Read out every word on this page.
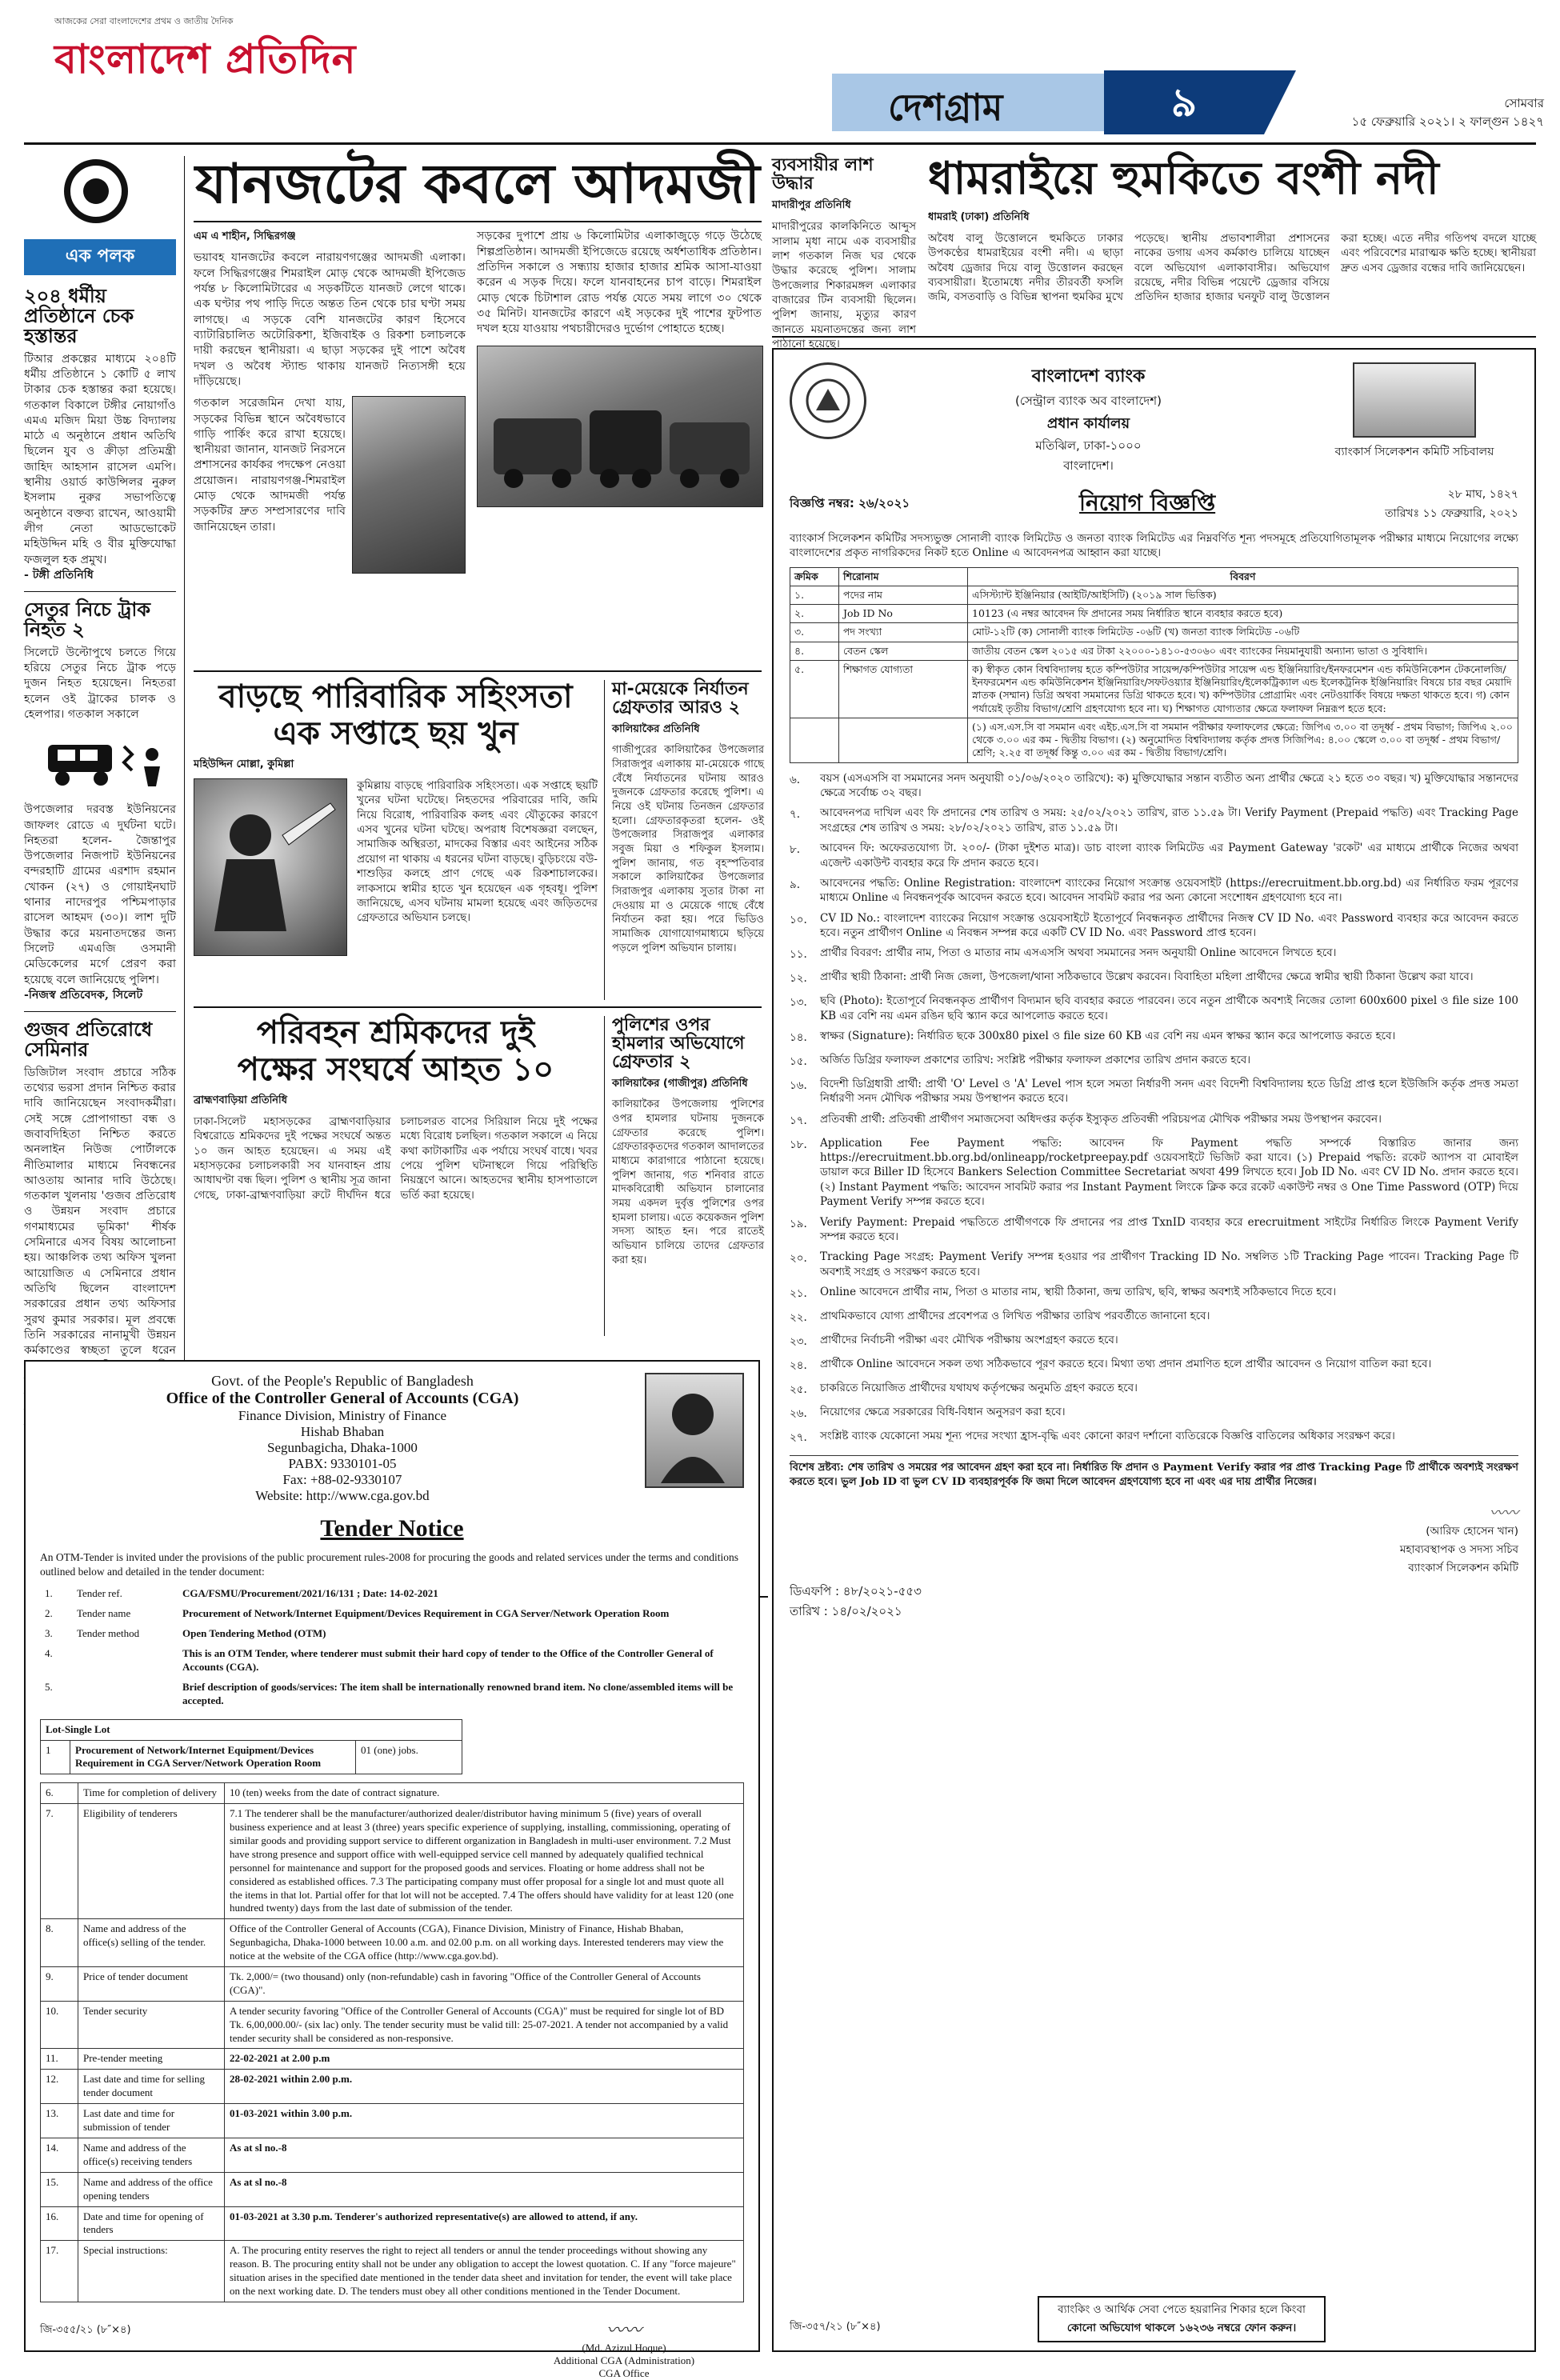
আজকের সেরা বাংলাদেশের প্রথম ও জাতীয় দৈনিক
বাংলাদেশ প্রতিদিন
দেশগ্রাম	৯	সোমবার
১৫ ফেব্রুয়ারি ২০২১। ২ ফাল্গুন ১৪২৭
এক পলক
২০৪ ধর্মীয় প্রতিষ্ঠানে চেক হস্তান্তর

টিআর প্রকল্পের মাধ্যমে ২০৪টি ধর্মীয় প্রতিষ্ঠানে ১ কোটি ৫ লাখ টাকার চেক হস্তান্তর করা হয়েছে। গতকাল বিকালে টঙ্গীর নোয়াগাঁও এমএ মজিদ মিয়া উচ্চ বিদ্যালয় মাঠে এ অনুষ্ঠানে প্রধান অতিথি ছিলেন যুব ও ক্রীড়া প্রতিমন্ত্রী জাহিদ আহসান রাসেল এমপি। স্থানীয় ওয়ার্ড কাউন্সিলর নুরুল ইসলাম নুরুর সভাপতিত্বে অনুষ্ঠানে বক্তব্য রাখেন, আওয়ামী লীগ নেতা আডভোকেট মহিউদ্দিন মহি ও বীর মুক্তিযোদ্ধা ফজলুল হক প্রমুখ।

- টঙ্গী প্রতিনিধি

সেতুর নিচে ট্রাক নিহত ২

সিলেটে উল্টোপুথে চলতে গিয়ে হরিয়ে সেতুর নিচে ট্রাক পড়ে দুজন নিহত হয়েছেন। নিহতরা হলেন ওই ট্রাকের চালক ও হেলপার। গতকাল সকালে

উপজেলার দরবস্ত ইউনিয়নের জাফলং রোডে এ দুর্ঘটনা ঘটে। নিহতরা হলেন- জৈন্তাপুর উপজেলার নিজপাট ইউনিয়নের বন্দরহাটি গ্রামের এরশাদ রহমান খোকন (২৭) ও গোয়াইনঘাট থানার নাদেরপুর পশ্চিমপাড়ার রাসেল আহমদ (৩০)। লাশ দুটি উদ্ধার করে ময়নাতদন্তের জন্য সিলেট এমএজি ওসমানী মেডিকেলের মর্গে প্রেরণ করা হয়েছে বলে জানিয়েছে পুলিশ।

-নিজস্ব প্রতিবেদক, সিলেট

গুজব প্রতিরোধে সেমিনার

ডিজিটাল সংবাদ প্রচারে সঠিক তথ্যের ভরসা প্রদান নিশ্চিত করার দাবি জানিয়েছেন সংবাদকর্মীরা। সেই সঙ্গে প্রোপাগান্ডা বন্ধ ও জবাবদিহিতা নিশ্চিত করতে অনলাইন নিউজ পোর্টালকে নীতিমালার মাধ্যমে নিবন্ধনের আওতায় আনার দাবি উঠেছে। গতকাল খুলনায় 'গুজব প্রতিরোধ ও উন্নয়ন সংবাদ প্রচারে গণমাধ্যমের ভূমিকা' শীর্ষক সেমিনারে এসব বিষয় আলোচনা হয়। আঞ্চলিক তথ্য অফিস খুলনা আয়োজিত এ সেমিনারে প্রধান অতিথি ছিলেন বাংলাদেশ সরকারের প্রধান তথ্য অফিসার সুরথ কুমার সরকার। মূল প্রবন্ধে তিনি সরকারের নানামুখী উন্নয়ন কর্মকাণ্ডের স্বচ্ছতা তুলে ধরেন

যানজটের কবলে আদমজী
এম এ শাহীন, সিদ্ধিরগঞ্জ

ভয়াবহ যানজটের কবলে নারায়ণগঞ্জের আদমজী এলাকা। ফলে সিদ্ধিরগঞ্জের শিমরাইল মোড় থেকে আদমজী ইপিজেড পর্যন্ত ৮ কিলোমিটারের এ সড়কটিতে যানজট লেগে থাকে। এক ঘণ্টার পথ পাড়ি দিতে অন্তত তিন থেকে চার ঘণ্টা সময় লাগছে। এ সড়কে বেশি যানজটের কারণ হিসেবে ব্যাটারিচালিত অটোরিকশা, ইজিবাইক ও রিকশা চলাচলকে দায়ী করছেন স্থানীয়রা। এ ছাড়া সড়কের দুই পাশে অবৈধ দখল ও অবৈধ স্ট্যান্ড থাকায় যানজট নিত্যসঙ্গী হয়ে দাঁড়িয়েছে।

গতকাল সরেজমিন দেখা যায়, সড়কের বিভিন্ন স্থানে অবৈধভাবে গাড়ি পার্কিং করে রাখা হয়েছে। স্থানীয়রা জানান, যানজট নিরসনে প্রশাসনের কার্যকর পদক্ষেপ নেওয়া প্রয়োজন। নারায়ণগঞ্জ-শিমরাইল মোড় থেকে আদমজী পর্যন্ত সড়কটির দ্রুত সম্প্রসারণের দাবি জানিয়েছেন তারা।

সড়কের দুপাশে প্রায় ৬ কিলোমিটার এলাকাজুড়ে গড়ে উঠেছে শিল্পপ্রতিষ্ঠান। আদমজী ইপিজেডে রয়েছে অর্ধশতাধিক প্রতিষ্ঠান। প্রতিদিন সকালে ও সন্ধ্যায় হাজার হাজার শ্রমিক আসা-যাওয়া করেন এ সড়ক দিয়ে। ফলে যানবাহনের চাপ বাড়ে। শিমরাইল মোড় থেকে চিটাশাল রোড পর্যন্ত যেতে সময় লাগে ৩০ থেকে ৩৫ মিনিট। যানজটের কারণে এই সড়কের দুই পাশের ফুটপাত দখল হয়ে যাওয়ায় পথচারীদেরও দুর্ভোগ পোহাতে হচ্ছে।

ব্যবসায়ীর লাশ উদ্ধার
মাদারীপুর প্রতিনিধি

মাদারীপুরের কালকিনিতে আব্দুস সালাম মৃধা নামে এক ব্যবসায়ীর লাশ গতকাল নিজ ঘর থেকে উদ্ধার করেছে পুলিশ। সালাম উপজেলার শিকারমঙ্গল এলাকার বাজারের টিন ব্যবসায়ী ছিলেন। পুলিশ জানায়, মৃত্যুর কারণ জানতে ময়নাতদন্তের জন্য লাশ পাঠানো হয়েছে।

ধামরাইয়ে হুমকিতে বংশী নদী
ধামরাই (ঢাকা) প্রতিনিধি

অবৈধ বালু উত্তোলনে হুমকিতে ঢাকার উপকণ্ঠের ধামরাইয়ের বংশী নদী। এ ছাড়া অবৈধ ড্রেজার দিয়ে বালু উত্তোলন করছেন ব্যবসায়ীরা। ইতোমধ্যে নদীর তীরবর্তী ফসলি জমি, বসতবাড়ি ও বিভিন্ন স্থাপনা হুমকির মুখে পড়েছে। স্থানীয় প্রভাবশালীরা প্রশাসনের নাকের ডগায় এসব কর্মকাণ্ড চালিয়ে যাচ্ছেন বলে অভিযোগ এলাকাবাসীর। অভিযোগ রয়েছে, নদীর বিভিন্ন পয়েন্টে ড্রেজার বসিয়ে প্রতিদিন হাজার হাজার ঘনফুট বালু উত্তোলন করা হচ্ছে। এতে নদীর গতিপথ বদলে যাচ্ছে এবং পরিবেশের মারাত্মক ক্ষতি হচ্ছে। স্থানীয়রা দ্রুত এসব ড্রেজার বন্ধের দাবি জানিয়েছেন।

বাড়ছে পারিবারিক সহিংসতা
এক সপ্তাহে ছয় খুন
মহিউদ্দিন মোল্লা, কুমিল্লা

কুমিল্লায় বাড়ছে পারিবারিক সহিংসতা। এক সপ্তাহে ছয়টি খুনের ঘটনা ঘটেছে। নিহতদের পরিবারের দাবি, জমি নিয়ে বিরোধ, পারিবারিক কলহ এবং যৌতুকের কারণে এসব খুনের ঘটনা ঘটছে। অপরাধ বিশেষজ্ঞরা বলছেন, সামাজিক অস্থিরতা, মাদকের বিস্তার এবং আইনের সঠিক প্রয়োগ না থাকায় এ ধরনের ঘটনা বাড়ছে। বুড়িচংয়ে বউ-শাশুড়ির কলহে প্রাণ গেছে এক রিকশাচালকের। লাকসামে স্বামীর হাতে খুন হয়েছেন এক গৃহবধূ। পুলিশ জানিয়েছে, এসব ঘটনায় মামলা হয়েছে এবং জড়িতদের গ্রেফতারে অভিযান চলছে।

মা-মেয়েকে নির্যাতন গ্রেফতার আরও ২
কালিয়াকৈর প্রতিনিধি

গাজীপুরের কালিয়াকৈর উপজেলার সিরাজপুর এলাকায় মা-মেয়েকে গাছে বেঁধে নির্যাতনের ঘটনায় আরও দুজনকে গ্রেফতার করেছে পুলিশ। এ নিয়ে ওই ঘটনায় তিনজন গ্রেফতার হলো। গ্রেফতারকৃতরা হলেন- ওই উপজেলার সিরাজপুর এলাকার সবুজ মিয়া ও শফিকুল ইসলাম। পুলিশ জানায়, গত বৃহস্পতিবার সকালে কালিয়াকৈর উপজেলার সিরাজপুর এলাকায় সুতার টাকা না দেওয়ায় মা ও মেয়েকে গাছে বেঁধে নির্যাতন করা হয়। পরে ভিডিও সামাজিক যোগাযোগমাধ্যমে ছড়িয়ে পড়লে পুলিশ অভিযান চালায়।

পরিবহন শ্রমিকদের দুই
পক্ষের সংঘর্ষে আহত ১০
ব্রাহ্মণবাড়িয়া প্রতিনিধি

ঢাকা-সিলেট মহাসড়কের ব্রাহ্মণবাড়িয়ার বিশ্বরোডে শ্রমিকদের দুই পক্ষের সংঘর্ষে অন্তত ১০ জন আহত হয়েছেন। এ সময় এই মহাসড়কের চলাচলকারী সব যানবাহন প্রায় আধাঘণ্টা বন্ধ ছিল। পুলিশ ও স্থানীয় সূত্র জানা গেছে, ঢাকা-ব্রাহ্মণবাড়িয়া রুটে দীর্ঘদিন ধরে চলাচলরত বাসের সিরিয়াল নিয়ে দুই পক্ষের মধ্যে বিরোধ চলছিল। গতকাল সকালে এ নিয়ে কথা কাটাকাটির এক পর্যায়ে সংঘর্ষ বাধে। খবর পেয়ে পুলিশ ঘটনাস্থলে গিয়ে পরিস্থিতি নিয়ন্ত্রণে আনে। আহতদের স্থানীয় হাসপাতালে ভর্তি করা হয়েছে।

পুলিশের ওপর হামলার অভিযোগে গ্রেফতার ২
কালিয়াকৈর (গাজীপুর) প্রতিনিধি

কালিয়াকৈর উপজেলায় পুলিশের ওপর হামলার ঘটনায় দুজনকে গ্রেফতার করেছে পুলিশ। গ্রেফতারকৃতদের গতকাল আদালতের মাধ্যমে কারাগারে পাঠানো হয়েছে। পুলিশ জানায়, গত শনিবার রাতে মাদকবিরোধী অভিযান চালানোর সময় একদল দুর্বৃত্ত পুলিশের ওপর হামলা চালায়। এতে কয়েকজন পুলিশ সদস্য আহত হন। পরে রাতেই অভিযান চালিয়ে তাদের গ্রেফতার করা হয়।

Govt. of the People's Republic of Bangladesh
Office of the Controller General of Accounts (CGA)
Finance Division, Ministry of Finance
Hishab Bhaban
Segunbagicha, Dhaka-1000
PABX: 9330101-05
Fax: +88-02-9330107
Website: http://www.cga.gov.bd
Tender Notice

An OTM-Tender is invited under the provisions of the public procurement rules-2008 for procuring the goods and related services under the terms and conditions outlined below and detailed in the tender document:

1.	Tender ref.	CGA/FSMU/Procurement/2021/16/131 ; Date: 14-02-2021
2.	Tender name	Procurement of Network/Internet Equipment/Devices Requirement in CGA Server/Network Operation Room
3.	Tender method	Open Tendering Method (OTM)
4.		This is an OTM Tender, where tenderer must submit their hard copy of tender to the Office of the Controller General of Accounts (CGA).
5.		Brief description of goods/services: The item shall be internationally renowned brand item. No clone/assembled items will be accepted.
Lot-Single Lot
1	Procurement of Network/Internet Equipment/Devices Requirement in CGA Server/Network Operation Room	01 (one) jobs.
6.	Time for completion of delivery	10 (ten) weeks from the date of contract signature.
7.	Eligibility of tenderers	7.1 The tenderer shall be the manufacturer/authorized dealer/distributor having minimum 5 (five) years of overall business experience and at least 3 (three) years specific experience of supplying, installing, commissioning, operating of similar goods and providing support service to different organization in Bangladesh in multi-user environment. 7.2 Must have strong presence and support office with well-equipped service cell manned by adequately qualified technical personnel for maintenance and support for the proposed goods and services. Floating or home address shall not be considered as established offices. 7.3 The participating company must offer proposal for a single lot and must quote all the items in that lot. Partial offer for that lot will not be accepted. 7.4 The offers should have validity for at least 120 (one hundred twenty) days from the last date of submission of the tender.
8.	Name and address of the office(s) selling of the tender.	Office of the Controller General of Accounts (CGA), Finance Division, Ministry of Finance, Hishab Bhaban, Segunbagicha, Dhaka-1000 between 10.00 a.m. and 02.00 p.m. on all working days. Interested tenderers may view the notice at the website of the CGA office (http://www.cga.gov.bd).
9.	Price of tender document	Tk. 2,000/= (two thousand) only (non-refundable) cash in favoring "Office of the Controller General of Accounts (CGA)".
10.	Tender security	A tender security favoring "Office of the Controller General of Accounts (CGA)" must be required for single lot of BD Tk. 6,00,000.00/- (six lac) only. The tender security must be valid till: 25-07-2021. A tender not accompanied by a valid tender security shall be considered as non-responsive.
11.	Pre-tender meeting	22-02-2021 at 2.00 p.m
12.	Last date and time for selling tender document	28-02-2021 within 2.00 p.m.
13.	Last date and time for submission of tender	01-03-2021 within 3.00 p.m.
14.	Name and address of the office(s) receiving tenders	As at sl no.-8
15.	Name and address of the office opening tenders	As at sl no.-8
16.	Date and time for opening of tenders	01-03-2021 at 3.30 p.m. Tenderer's authorized representative(s) are allowed to attend, if any.
17.	Special instructions:	A. The procuring entity reserves the right to reject all tenders or annul the tender proceedings without showing any reason. B. The procuring entity shall not be under any obligation to accept the lowest quotation. C. If any "force majeure" situation arises in the specified date mentioned in the tender data sheet and invitation for tender, the event will take place on the next working date. D. The tenders must obey all other conditions mentioned in the Tender Document.
〰〰
(Md. Azizul Hoque)
Additional CGA (Administration)
CGA Office
জি-৩৫৫/২১ (৮″×৪)
বাংলাদেশ ব্যাংক
(সেন্ট্রাল ব্যাংক অব বাংলাদেশ)
প্রধান কার্যালয়
মতিঝিল, ঢাকা-১০০০
বাংলাদেশ।
ব্যাংকার্স সিলেকশন কমিটি সচিবালয়
বিজ্ঞপ্তি নম্বর: ২৬/২০২১	নিয়োগ বিজ্ঞপ্তি	২৮ মাঘ, ১৪২৭
তারিখঃ ১১ ফেব্রুয়ারি, ২০২১

ব্যাংকার্স সিলেকশন কমিটির সদস্যভুক্ত সোনালী ব্যাংক লিমিটেড ও জনতা ব্যাংক লিমিটেড এর নিম্নবর্ণিত শূন্য পদসমূহে প্রতিযোগিতামূলক পরীক্ষার মাধ্যমে নিয়োগের লক্ষ্যে বাংলাদেশের প্রকৃত নাগরিকদের নিকট হতে Online এ আবেদনপত্র আহ্বান করা যাচ্ছে।

ক্রমিক	শিরোনাম	বিবরণ
১.	পদের নাম	এসিস্ট্যান্ট ইঞ্জিনিয়ার (আইটি/আইসিটি) (২০১৯ সাল ভিত্তিক)
২.	Job ID No	10123 (এ নম্বর আবেদন ফি প্রদানের সময় নির্ধারিত স্থানে ব্যবহার করতে হবে)
৩.	পদ সংখ্যা	মোট-১২টি (ক) সোনালী ব্যাংক লিমিটেড -০৬টি (খ) জনতা ব্যাংক লিমিটেড -০৬টি
৪.	বেতন স্কেল	জাতীয় বেতন স্কেল ২০১৫ এর টাকা ২২০০০-১৪১০-৫৩০৬০ এবং ব্যাংকের নিয়মানুযায়ী অন্যান্য ভাতা ও সুবিধাদি।
৫.	শিক্ষাগত যোগ্যতা	ক) স্বীকৃত কোন বিশ্ববিদ্যালয় হতে কম্পিউটার সায়েন্স/কম্পিউটার সায়েন্স এন্ড ইঞ্জিনিয়ারিং/ইনফরমেশন এন্ড কমিউনিকেশন টেকনোলজি/ইনফরমেশন এন্ড কমিউনিকেশন ইঞ্জিনিয়ারিং/সফটওয়্যার ইঞ্জিনিয়ারিং/ইলেকট্রিক্যাল এন্ড ইলেকট্রনিক ইঞ্জিনিয়ারিং বিষয়ে চার বছর মেয়াদি স্নাতক (সম্মান) ডিগ্রি অথবা সমমানের ডিগ্রি থাকতে হবে। খ) কম্পিউটার প্রোগ্রামিং এবং নেটওয়ার্কিং বিষয়ে দক্ষতা থাকতে হবে। গ) কোন পর্যায়েই তৃতীয় বিভাগ/শ্রেণি গ্রহণযোগ্য হবে না। ঘ) শিক্ষাগত যোগ্যতার ক্ষেত্রে ফলাফল নিম্নরূপ হতে হবে:
		(১) এস.এস.সি বা সমমান এবং এইচ.এস.সি বা সমমান পরীক্ষার ফলাফলের ক্ষেত্রে: জিপিএ ৩.০০ বা তদূর্ধ্ব - প্রথম বিভাগ; জিপিএ ২.০০ থেকে ৩.০০ এর কম - দ্বিতীয় বিভাগ। (২) অনুমোদিত বিশ্ববিদ্যালয় কর্তৃক প্রদত্ত সিজিপিএ: ৪.০০ স্কেলে ৩.০০ বা তদূর্ধ্ব - প্রথম বিভাগ/শ্রেণি; ২.২৫ বা তদূর্ধ্ব কিন্তু ৩.০০ এর কম - দ্বিতীয় বিভাগ/শ্রেণি।
৬.	বয়স (এসএসসি বা সমমানের সনদ অনুযায়ী ০১/০৬/২০২০ তারিখে): ক) মুক্তিযোদ্ধার সন্তান ব্যতীত অন্য প্রার্থীর ক্ষেত্রে ২১ হতে ৩০ বছর। খ) মুক্তিযোদ্ধার সন্তানদের ক্ষেত্রে সর্বোচ্চ ৩২ বছর।

৭.	আবেদনপত্র দাখিল এবং ফি প্রদানের শেষ তারিখ ও সময়: ২৫/০২/২০২১ তারিখ, রাত ১১.৫৯ টা। Verify Payment (Prepaid পদ্ধতি) এবং Tracking Page সংগ্রহের শেষ তারিখ ও সময়: ২৮/০২/২০২১ তারিখ, রাত ১১.৫৯ টা।

৮.	আবেদন ফি: অফেরতযোগ্য টা. ২০০/- (টাকা দুইশত মাত্র)। ডাচ বাংলা ব্যাংক লিমিটেড এর Payment Gateway 'রকেট' এর মাধ্যমে প্রার্থীকে নিজের অথবা এজেন্ট একাউন্ট ব্যবহার করে ফি প্রদান করতে হবে।

৯.	আবেদনের পদ্ধতি: Online Registration: বাংলাদেশ ব্যাংকের নিয়োগ সংক্রান্ত ওয়েবসাইট (https://erecruitment.bb.org.bd) এর নির্ধারিত ফরম পূরণের মাধ্যমে Online এ নিবন্ধনপূর্বক আবেদন করতে হবে। আবেদন সাবমিট করার পর অন্য কোনো সংশোধন গ্রহণযোগ্য হবে না।

১০.	CV ID No.: বাংলাদেশ ব্যাংকের নিয়োগ সংক্রান্ত ওয়েবসাইটে ইতোপূর্বে নিবন্ধনকৃত প্রার্থীদের নিজস্ব CV ID No. এবং Password ব্যবহার করে আবেদন করতে হবে। নতুন প্রার্থীগণ Online এ নিবন্ধন সম্পন্ন করে একটি CV ID No. এবং Password প্রাপ্ত হবেন।

১১.	প্রার্থীর বিবরণ: প্রার্থীর নাম, পিতা ও মাতার নাম এসএসসি অথবা সমমানের সনদ অনুযায়ী Online আবেদনে লিখতে হবে।

১২.	প্রার্থীর স্থায়ী ঠিকানা: প্রার্থী নিজ জেলা, উপজেলা/থানা সঠিকভাবে উল্লেখ করবেন। বিবাহিতা মহিলা প্রার্থীদের ক্ষেত্রে স্বামীর স্থায়ী ঠিকানা উল্লেখ করা যাবে।

১৩.	ছবি (Photo): ইতোপূর্বে নিবন্ধনকৃত প্রার্থীগণ বিদ্যমান ছবি ব্যবহার করতে পারবেন। তবে নতুন প্রার্থীকে অবশ্যই নিজের তোলা 600x600 pixel ও file size 100 KB এর বেশি নয় এমন রঙিন ছবি স্ক্যান করে আপলোড করতে হবে।

১৪.	স্বাক্ষর (Signature): নির্ধারিত ছকে 300x80 pixel ও file size 60 KB এর বেশি নয় এমন স্বাক্ষর স্ক্যান করে আপলোড করতে হবে।

১৫.	অর্জিত ডিগ্রির ফলাফল প্রকাশের তারিখ: সংশ্লিষ্ট পরীক্ষার ফলাফল প্রকাশের তারিখ প্রদান করতে হবে।

১৬.	বিদেশী ডিগ্রিধারী প্রার্থী: প্রার্থী 'O' Level ও 'A' Level পাস হলে সমতা নির্ধারণী সনদ এবং বিদেশী বিশ্ববিদ্যালয় হতে ডিগ্রি প্রাপ্ত হলে ইউজিসি কর্তৃক প্রদত্ত সমতা নির্ধারণী সনদ মৌখিক পরীক্ষার সময় উপস্থাপন করতে হবে।

১৭.	প্রতিবন্ধী প্রার্থী: প্রতিবন্ধী প্রার্থীগণ সমাজসেবা অধিদপ্তর কর্তৃক ইস্যুকৃত প্রতিবন্ধী পরিচয়পত্র মৌখিক পরীক্ষার সময় উপস্থাপন করবেন।

১৮.	Application Fee Payment পদ্ধতি: আবেদন ফি Payment পদ্ধতি সম্পর্কে বিস্তারিত জানার জন্য https://erecruitment.bb.org.bd/onlineapp/rocketpreepay.pdf ওয়েবসাইটে ভিজিট করা যাবে। (১) Prepaid পদ্ধতি: রকেট অ্যাপস বা মোবাইল ডায়াল করে Biller ID হিসেবে Bankers Selection Committee Secretariat অথবা 499 লিখতে হবে। Job ID No. এবং CV ID No. প্রদান করতে হবে। (২) Instant Payment পদ্ধতি: আবেদন সাবমিট করার পর Instant Payment লিংকে ক্লিক করে রকেট একাউন্ট নম্বর ও One Time Password (OTP) দিয়ে Payment Verify সম্পন্ন করতে হবে।

১৯.	Verify Payment: Prepaid পদ্ধতিতে প্রার্থীগণকে ফি প্রদানের পর প্রাপ্ত TxnID ব্যবহার করে erecruitment সাইটের নির্ধারিত লিংকে Payment Verify সম্পন্ন করতে হবে।

২০.	Tracking Page সংগ্রহ: Payment Verify সম্পন্ন হওয়ার পর প্রার্থীগণ Tracking ID No. সম্বলিত ১টি Tracking Page পাবেন। Tracking Page টি অবশ্যই সংগ্রহ ও সংরক্ষণ করতে হবে।

২১.	Online আবেদনে প্রার্থীর নাম, পিতা ও মাতার নাম, স্থায়ী ঠিকানা, জন্ম তারিখ, ছবি, স্বাক্ষর অবশ্যই সঠিকভাবে দিতে হবে।

২২.	প্রাথমিকভাবে যোগ্য প্রার্থীদের প্রবেশপত্র ও লিখিত পরীক্ষার তারিখ পরবর্তীতে জানানো হবে।

২৩.	প্রার্থীদের নির্বাচনী পরীক্ষা এবং মৌখিক পরীক্ষায় অংশগ্রহণ করতে হবে।

২৪.	প্রার্থীকে Online আবেদনে সকল তথ্য সঠিকভাবে পূরণ করতে হবে। মিথ্যা তথ্য প্রদান প্রমাণিত হলে প্রার্থীর আবেদন ও নিয়োগ বাতিল করা হবে।

২৫.	চাকরিতে নিয়োজিত প্রার্থীদের যথাযথ কর্তৃপক্ষের অনুমতি গ্রহণ করতে হবে।

২৬.	নিয়োগের ক্ষেত্রে সরকারের বিধি-বিধান অনুসরণ করা হবে।

২৭.	সংশ্লিষ্ট ব্যাংক যেকোনো সময় শূন্য পদের সংখ্যা হ্রাস-বৃদ্ধি এবং কোনো কারণ দর্শানো ব্যতিরেকে বিজ্ঞপ্তি বাতিলের অধিকার সংরক্ষণ করে।

বিশেষ দ্রষ্টব্য: শেষ তারিখ ও সময়ের পর আবেদন গ্রহণ করা হবে না। নির্ধারিত ফি প্রদান ও Payment Verify করার পর প্রাপ্ত Tracking Page টি প্রার্থীকে অবশ্যই সংরক্ষণ করতে হবে। ভুল Job ID বা ভুল CV ID ব্যবহারপূর্বক ফি জমা দিলে আবেদন গ্রহণযোগ্য হবে না এবং এর দায় প্রার্থীর নিজের।

〰〰
(আরিফ হোসেন খান)
মহাব্যবস্থাপক ও সদস্য সচিব
ব্যাংকার্স সিলেকশন কমিটি
ডিএফপি : ৪৮/২০২১-৫৫৩
তারিখ : ১৪/০২/২০২১
জি-৩৫৭/২১ (৮″×৪)
ব্যাংকিং ও আর্থিক সেবা পেতে হয়রানির শিকার হলে কিংবা
কোনো অভিযোগ থাকলে ১৬২৩৬ নম্বরে ফোন করুন।
